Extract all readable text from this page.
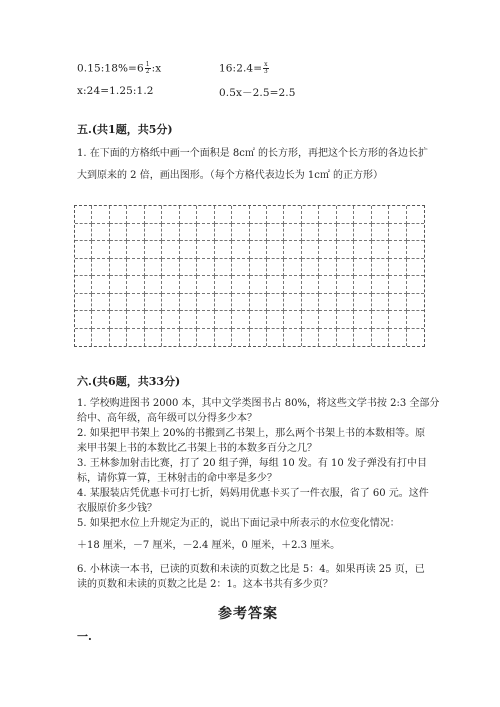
0.15:18%=6 $\frac{1}{2}$ :x	16:2.4= $\frac{x}{3}$
x:24=1.25:1.2	0.5x－2.5=2.5
五.(共1题，共5分)
1. 在下面的方格纸中画一个面积是 8c㎡ 的长方形，再把这个长方形的各边长扩
大到原来的 2 倍，画出图形。（每个方格代表边长为 1c㎡ 的正方形）
六.(共6题，共33分)
1. 学校购进图书 2000 本，其中文学类图书占 80%，将这些文学书按 2:3 全部分
给中、高年级，高年级可以分得多少本？
2. 如果把甲书架上 20%的书搬到乙书架上，那么两个书架上书的本数相等。原
来甲书架上书的本数比乙书架上书的本数多百分之几？
3. 王林参加射击比赛，打了 20 组子弹，每组 10 发。有 10 发子弹没有打中目
标，请你算一算，王林射击的命中率是多少？
4. 某服装店凭优惠卡可打七折，妈妈用优惠卡买了一件衣服，省了 60 元。这件
衣服原价多少钱？
5. 如果把水位上升规定为正的，说出下面记录中所表示的水位变化情况：
＋18 厘米，－7 厘米，－2.4 厘米，0 厘米，＋2.3 厘米。
6. 小林读一本书，已读的页数和未读的页数之比是 5：4。如果再读 25 页，已
读的页数和未读的页数之比是 2：1。这本书共有多少页？
参考答案
一.
